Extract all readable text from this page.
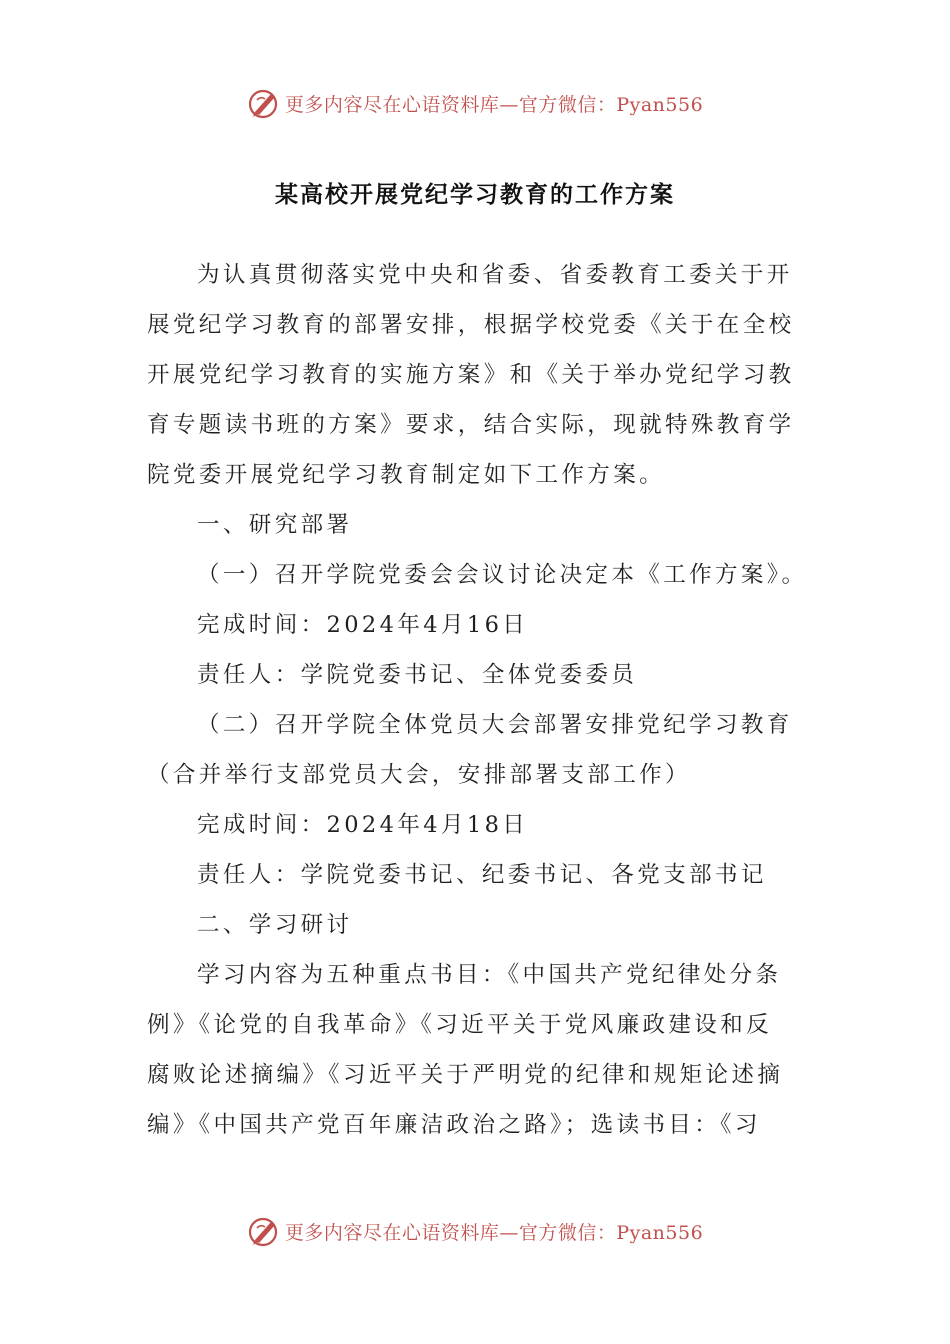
更多内容尽在心语资料库—官方微信：Pyan556
某高校开展党纪学习教育的工作方案
为认真贯彻落实党中央和省委、省委教育工委关于开
展党纪学习教育的部署安排，根据学校党委《关于在全校
开展党纪学习教育的实施方案》和《关于举办党纪学习教
育专题读书班的方案》要求，结合实际，现就特殊教育学
院党委开展党纪学习教育制定如下工作方案。
一、研究部署
（一）召开学院党委会会议讨论决定本《工作方案》。
完成时间：2024年4月16日
责任人：学院党委书记、全体党委委员
（二）召开学院全体党员大会部署安排党纪学习教育
（合并举行支部党员大会，安排部署支部工作）
完成时间：2024年4月18日
责任人：学院党委书记、纪委书记、各党支部书记
二、学习研讨
学习内容为五种重点书目：《中国共产党纪律处分条
例》《论党的自我革命》《习近平关于党风廉政建设和反
腐败论述摘编》《习近平关于严明党的纪律和规矩论述摘
编》《中国共产党百年廉洁政治之路》；选读书目：《习
更多内容尽在心语资料库—官方微信：Pyan556
